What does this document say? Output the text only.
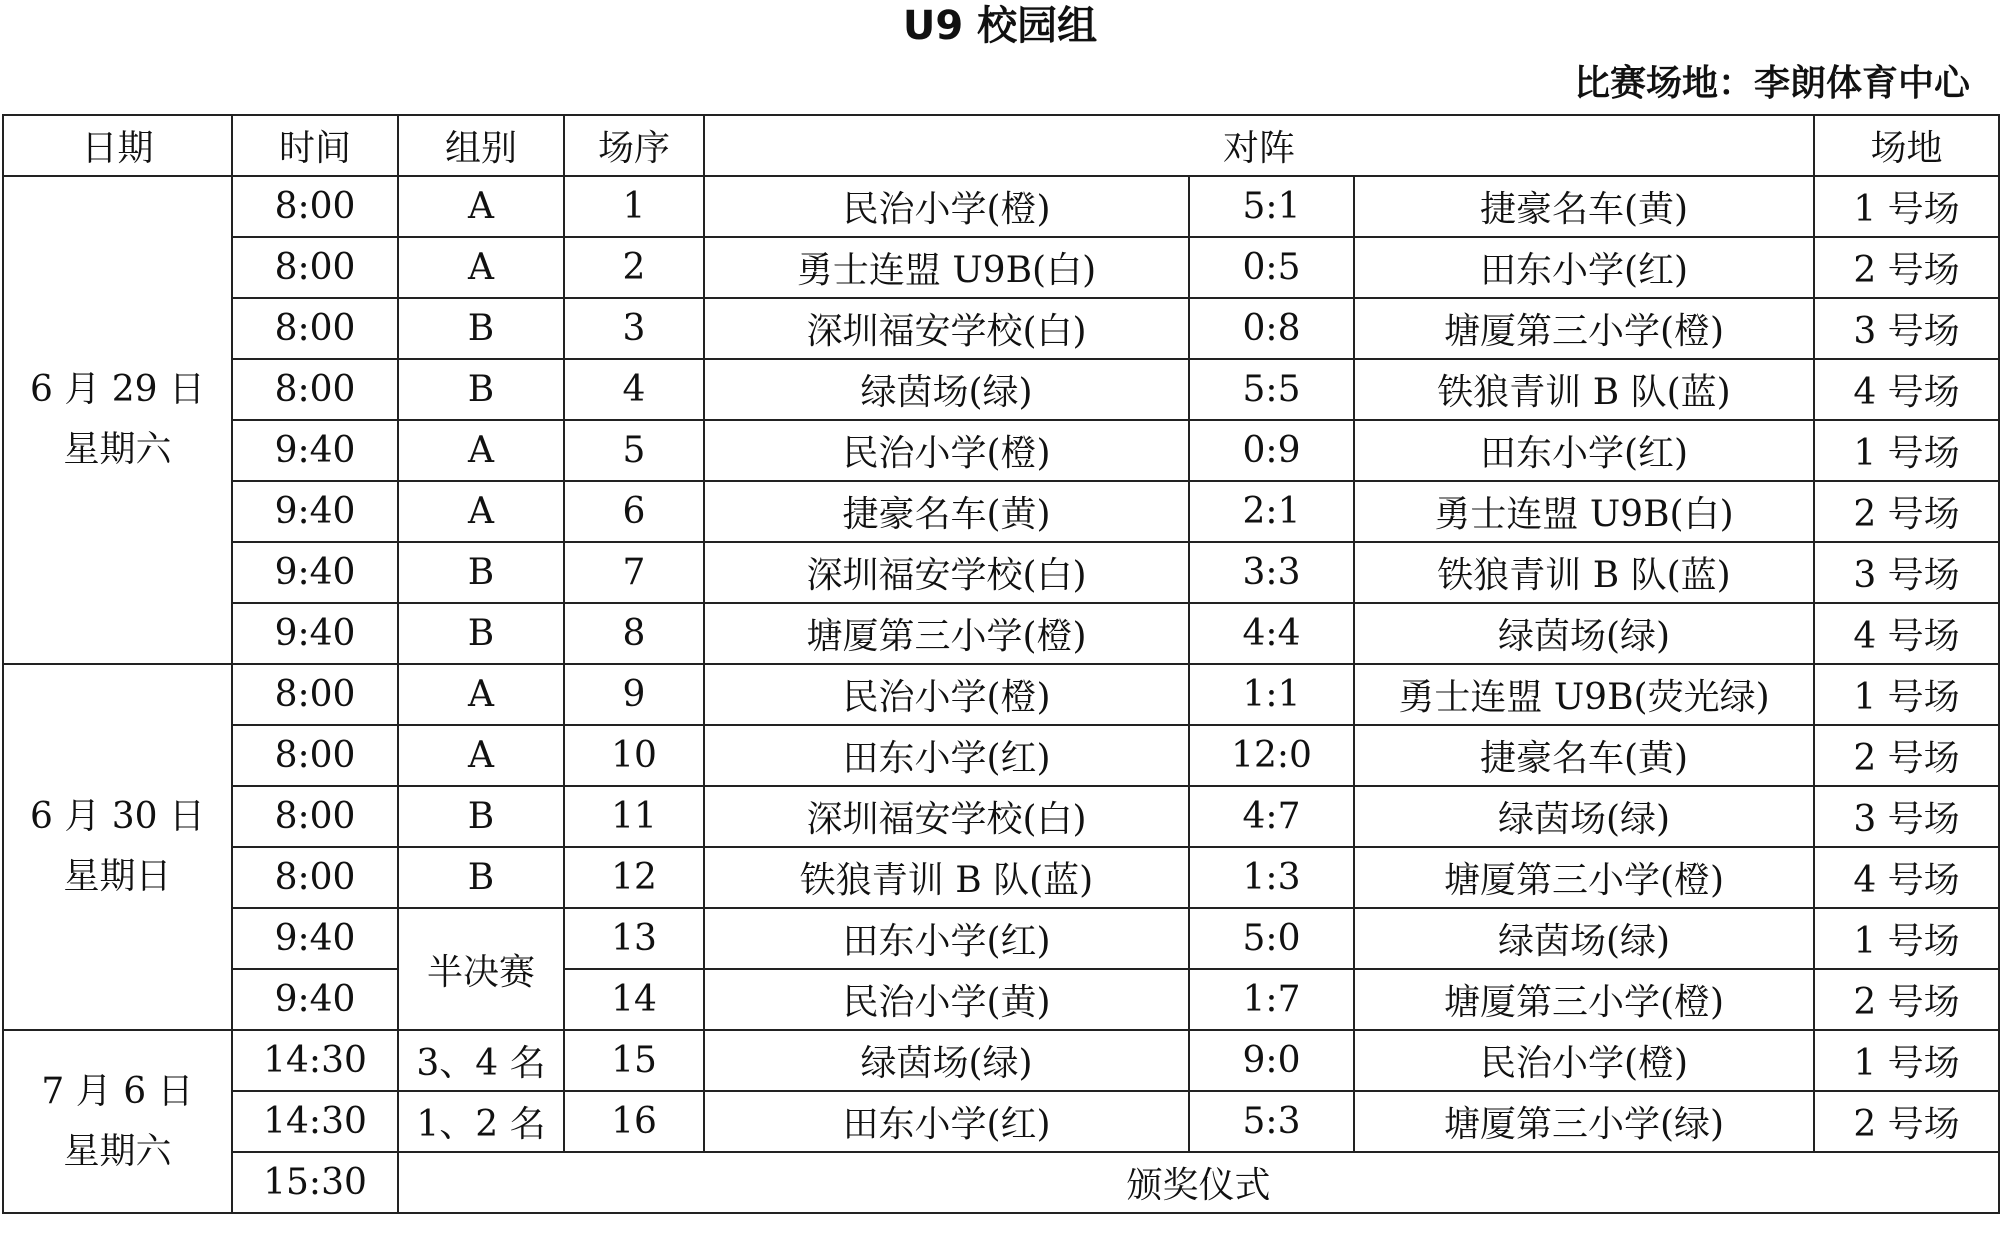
U9 校园组
比赛场地：李朗体育中心
日期	时间	组别	场序	对阵			场地

6 月 29 日
星期六	8:00	A	1	民治小学(橙)	5:1	捷豪名车(黄)	1 号场
	8:00	A	2	勇士连盟 U9B(白)	0:5	田东小学(红)	2 号场
	8:00	B	3	深圳福安学校(白)	0:8	塘厦第三小学(橙)	3 号场
	8:00	B	4	绿茵场(绿)	5:5	铁狼青训 B 队(蓝)	4 号场
	9:40	A	5	民治小学(橙)	0:9	田东小学(红)	1 号场
	9:40	A	6	捷豪名车(黄)	2:1	勇士连盟 U9B(白)	2 号场
	9:40	B	7	深圳福安学校(白)	3:3	铁狼青训 B 队(蓝)	3 号场
	9:40	B	8	塘厦第三小学(橙)	4:4	绿茵场(绿)	4 号场

6 月 30 日
星期日	8:00	A	9	民治小学(橙)	1:1	勇士连盟 U9B(荧光绿)	1 号场
	8:00	A	10	田东小学(红)	12:0	捷豪名车(黄)	2 号场
	8:00	B	11	深圳福安学校(白)	4:7	绿茵场(绿)	3 号场
	8:00	B	12	铁狼青训 B 队(蓝)	1:3	塘厦第三小学(橙)	4 号场
	9:40	半决赛	13	田东小学(红)	5:0	绿茵场(绿)	1 号场
	9:40		14	民治小学(黄)	1:7	塘厦第三小学(橙)	2 号场

7 月 6 日
星期六	14:30	3、4 名	15	绿茵场(绿)	9:0	民治小学(橙)	1 号场
	14:30	1、2 名	16	田东小学(红)	5:3	塘厦第三小学(绿)	2 号场
	15:30	颁奖仪式					
